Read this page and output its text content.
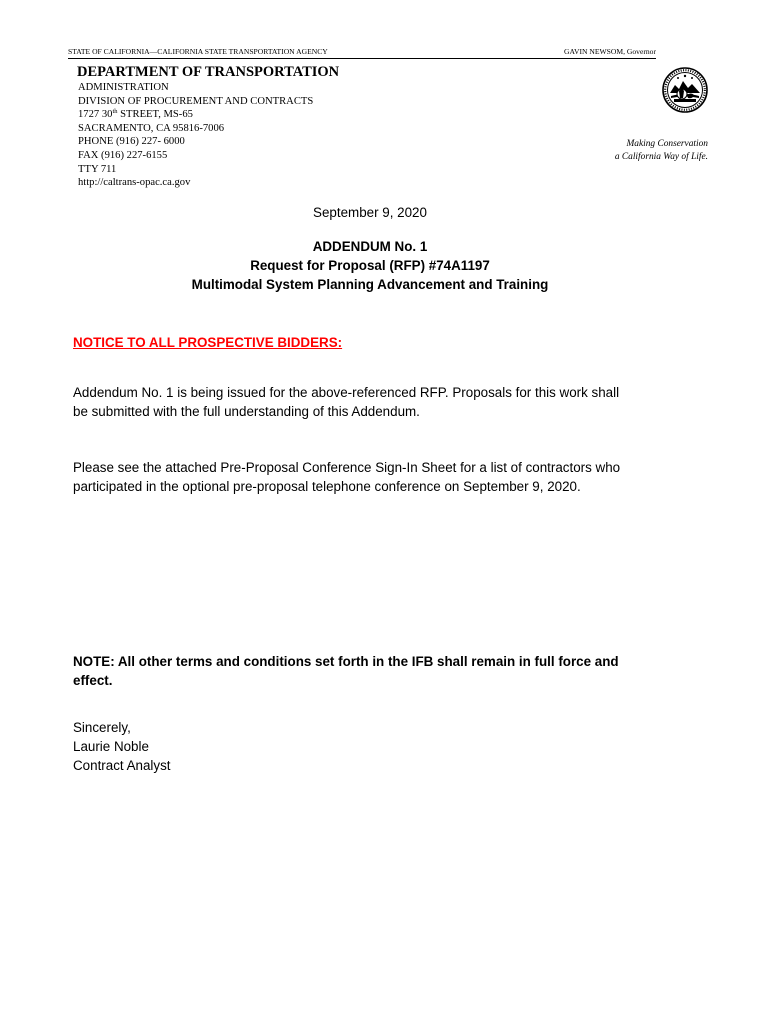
STATE OF CALIFORNIA—CALIFORNIA STATE TRANSPORTATION AGENCY	GAVIN NEWSOM, Governor
DEPARTMENT OF TRANSPORTATION
ADMINISTRATION
DIVISION OF PROCUREMENT AND CONTRACTS
1727 30th STREET, MS-65
SACRAMENTO, CA 95816-7006
PHONE (916) 227- 6000
FAX (916) 227-6155
TTY 711
http://caltrans-opac.ca.gov
Making Conservation
a California Way of Life.
September 9, 2020
ADDENDUM No. 1
Request for Proposal (RFP) #74A1197
Multimodal System Planning Advancement and Training
NOTICE TO ALL PROSPECTIVE BIDDERS:
Addendum No. 1 is being issued for the above-referenced RFP. Proposals for this work shall
be submitted with the full understanding of this Addendum.
Please see the attached Pre-Proposal Conference Sign-In Sheet for a list of contractors who
participated in the optional pre-proposal telephone conference on September 9, 2020.
NOTE: All other terms and conditions set forth in the IFB shall remain in full force and
effect.
Sincerely,
Laurie Noble
Contract Analyst
